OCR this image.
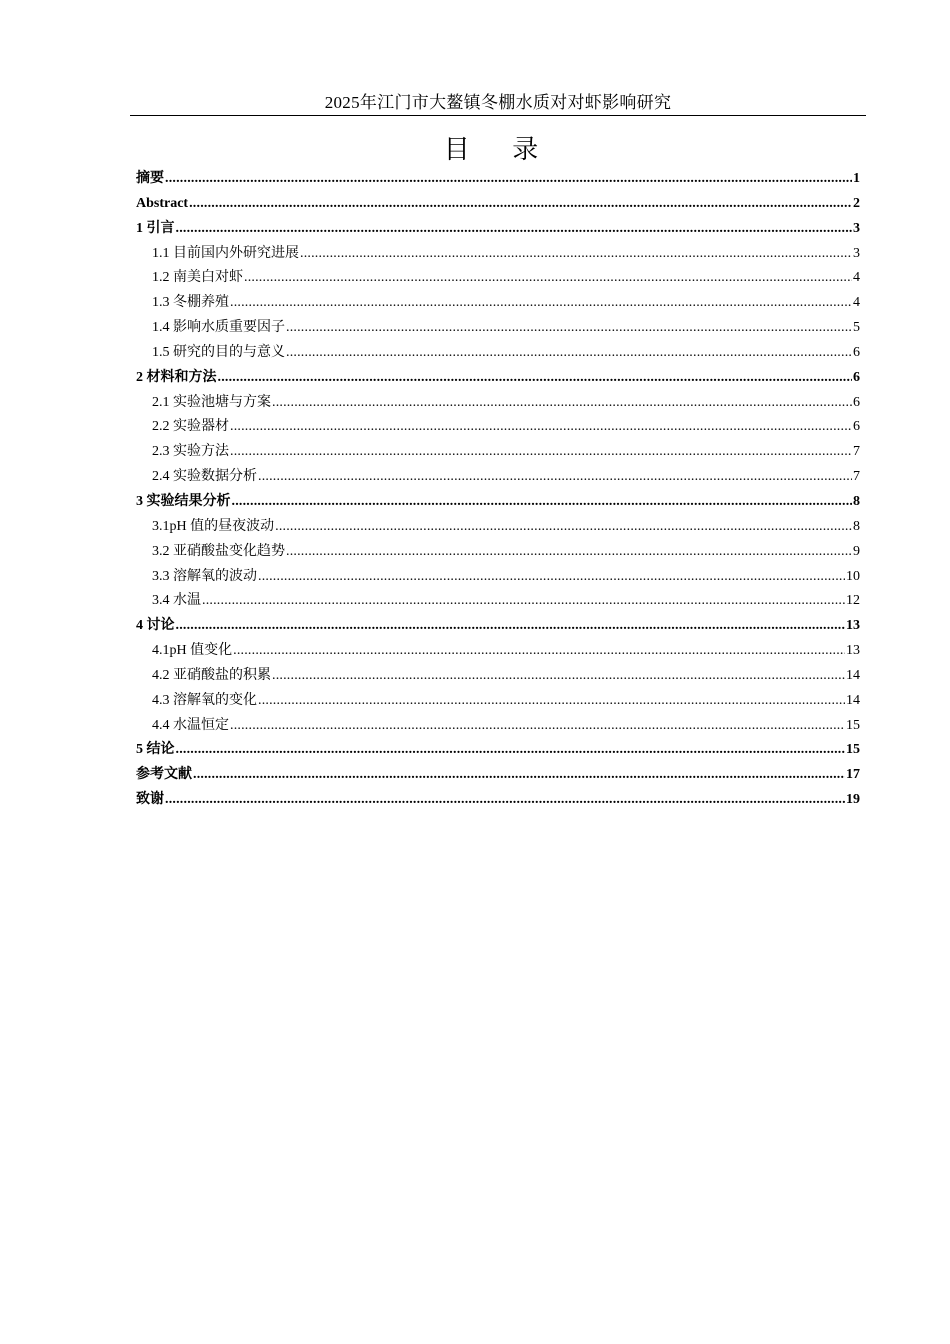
2025年江门市大鳌镇冬棚水质对对虾影响研究
目 录
摘要 .....	1
Abstract .....	2
1 引言 .....	3
1.1 目前国内外研究进展 .....	3
1.2 南美白对虾 .....	4
1.3 冬棚养殖 .....	4
1.4 影响水质重要因子 .....	5
1.5 研究的目的与意义 .....	6
2 材料和方法 .....	6
2.1 实验池塘与方案 .....	6
2.2 实验器材 .....	6
2.3 实验方法 .....	7
2.4 实验数据分析 .....	7
3 实验结果分析 .....	8
3.1pH 值的昼夜波动 .....	8
3.2 亚硝酸盐变化趋势 .....	9
3.3 溶解氧的波动 .....	10
3.4 水温 .....	12
4 讨论 .....	13
4.1pH 值变化 .....	13
4.2 亚硝酸盐的积累 .....	14
4.3 溶解氧的变化 .....	14
4.4 水温恒定 .....	15
5 结论 .....	15
参考文献 .....	17
致谢 .....	19
